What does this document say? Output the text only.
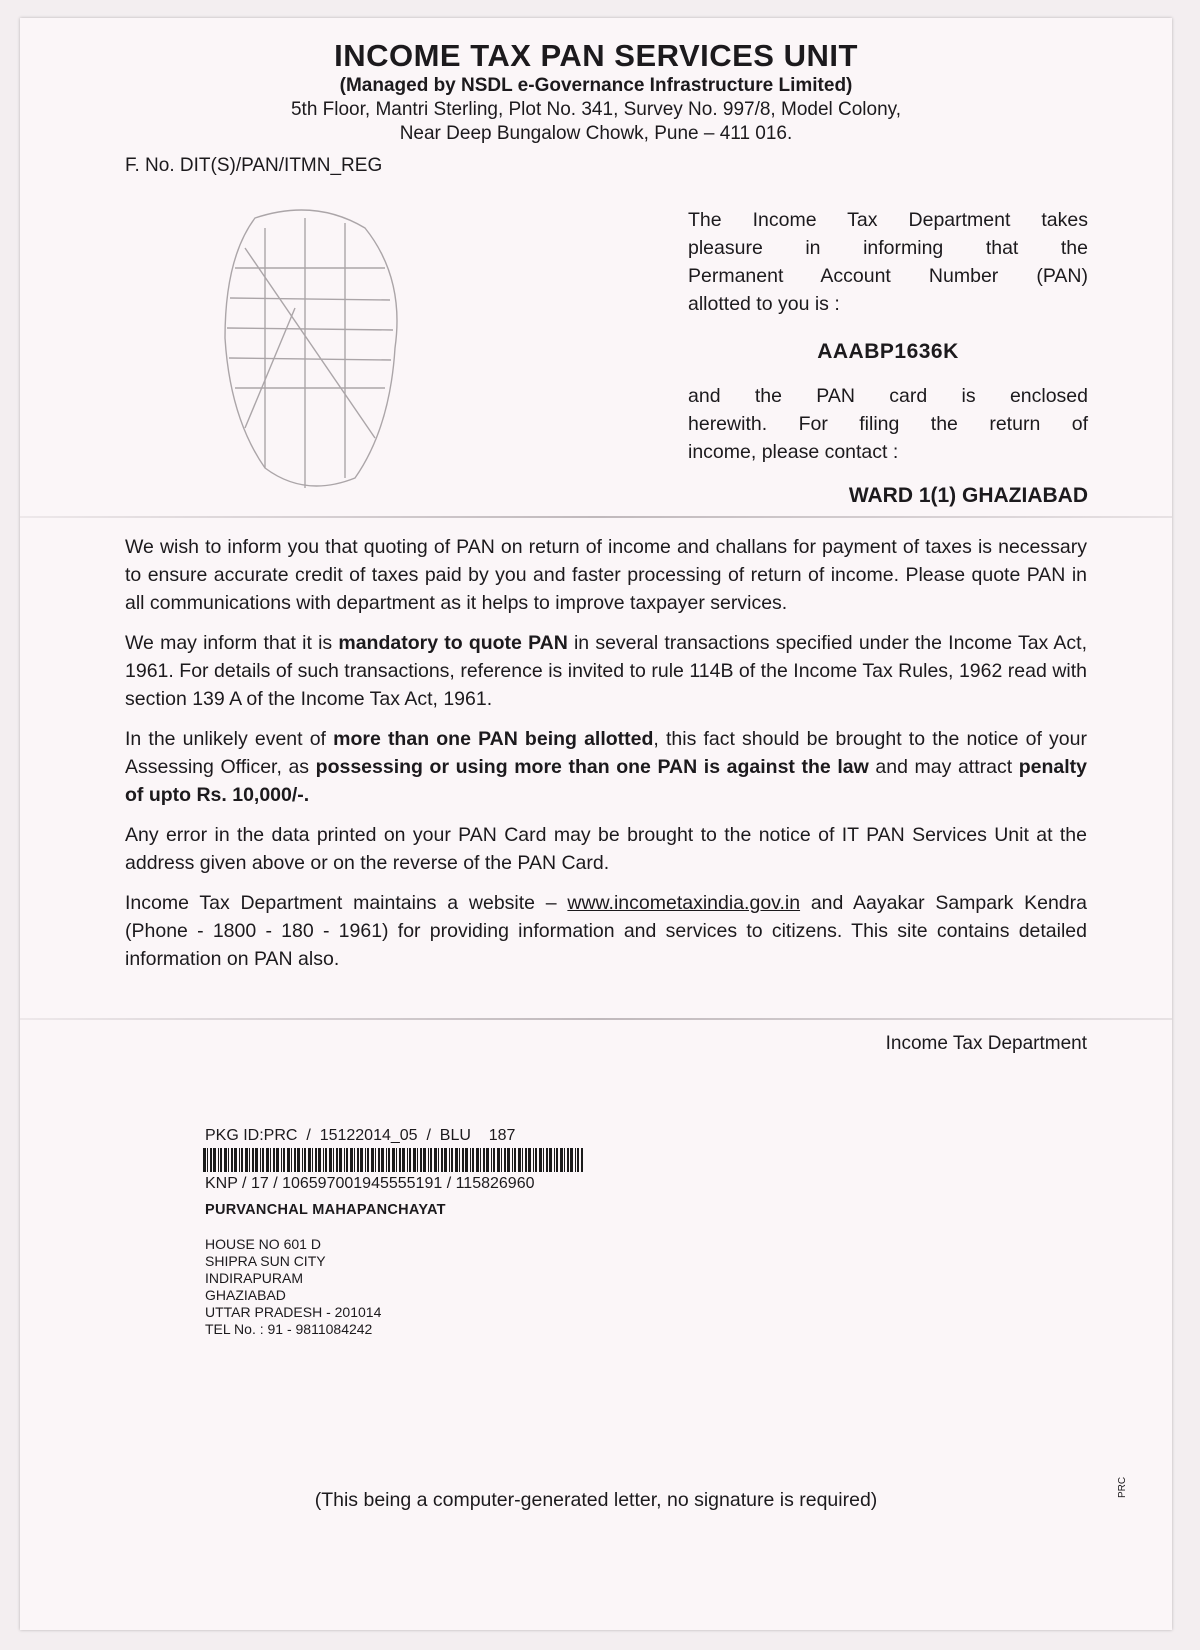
INCOME TAX PAN SERVICES UNIT
(Managed by NSDL e-Governance Infrastructure Limited)
5th Floor, Mantri Sterling, Plot No. 341, Survey No. 997/8, Model Colony,
Near Deep Bungalow Chowk, Pune – 411 016.
F. No. DIT(S)/PAN/ITMN_REG
The Income Tax Department takes
pleasure in informing that the
Permanent Account Number (PAN)
allotted to you is :
AAABP1636K
and the PAN card is enclosed
herewith. For filing the return of
income, please contact :
WARD 1(1) GHAZIABAD

We wish to inform you that quoting of PAN on return of income and challans for payment of taxes is necessary to ensure accurate credit of taxes paid by you and faster processing of return of income. Please quote PAN in all communications with department as it helps to improve taxpayer services.

We may inform that it is mandatory to quote PAN in several transactions specified under the Income Tax Act, 1961. For details of such transactions, reference is invited to rule 114B of the Income Tax Rules, 1962 read with section 139 A of the Income Tax Act, 1961.

In the unlikely event of more than one PAN being allotted, this fact should be brought to the notice of your Assessing Officer, as possessing or using more than one PAN is against the law and may attract penalty of upto Rs. 10,000/-.

Any error in the data printed on your PAN Card may be brought to the notice of IT PAN Services Unit at the address given above or on the reverse of the PAN Card.

Income Tax Department maintains a website – www.incometaxindia.gov.in and Aayakar Sampark Kendra (Phone - 1800 - 180 - 1961) for providing information and services to citizens. This site contains detailed information on PAN also.

Income Tax Department
PKG ID:PRC  /  15122014_05  /  BLU    187
KNP / 17 / 106597001945555191 / 115826960
PURVANCHAL MAHAPANCHAYAT
HOUSE NO 601 D
SHIPRA SUN CITY
INDIRAPURAM
GHAZIABAD
UTTAR PRADESH - 201014
TEL No. : 91 - 9811084242
(This being a computer-generated letter, no signature is required)
PRC
